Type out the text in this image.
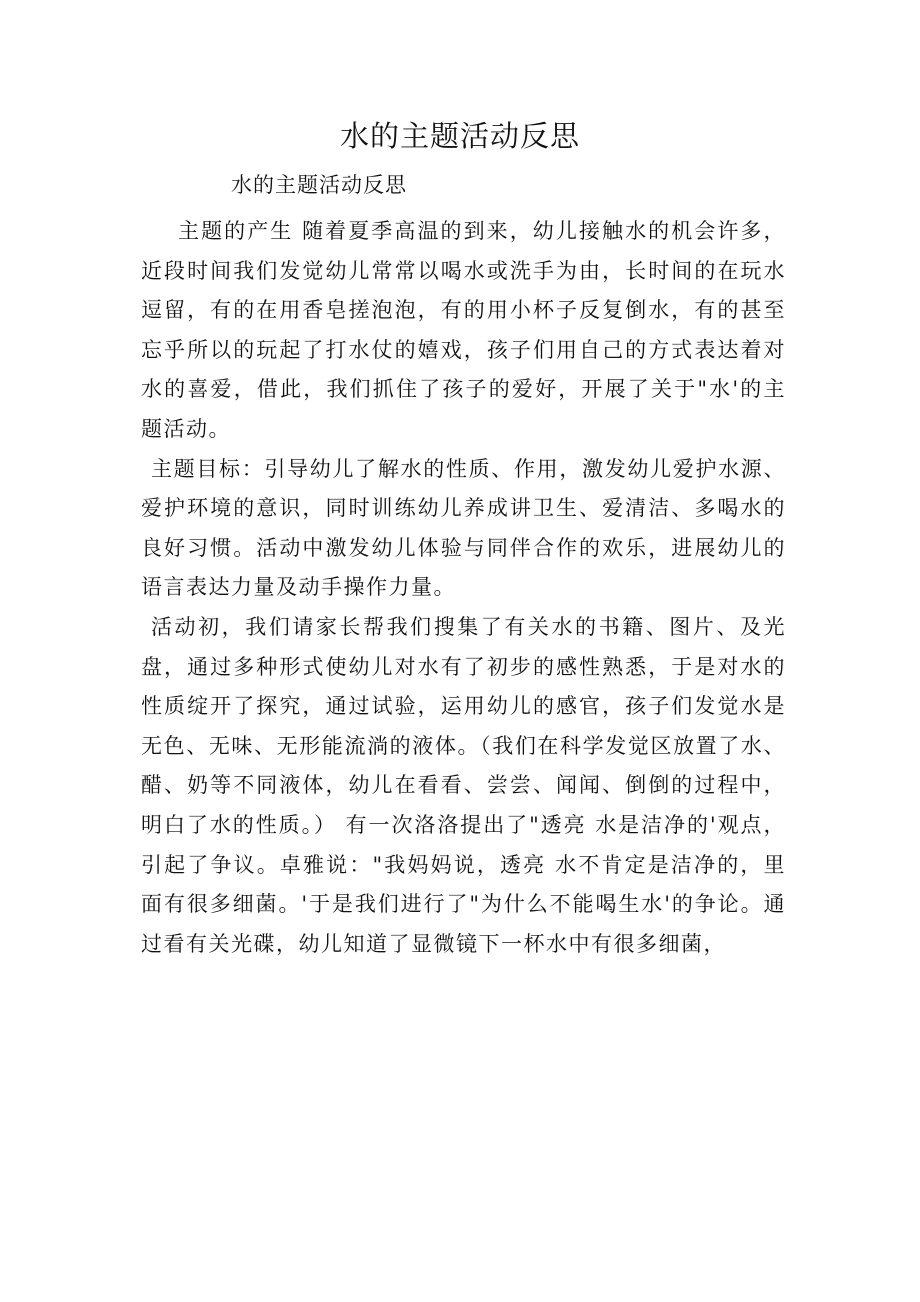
水的主题活动反思

水的主题活动反思

主题的产生 随着夏季高温的到来，幼儿接触水的机会许多，近段时间我们发觉幼儿常常以喝水或洗手为由，长时间的在玩水逗留，有的在用香皂搓泡泡，有的用小杯子反复倒水，有的甚至忘乎所以的玩起了打水仗的嬉戏，孩子们用自己的方式表达着对水的喜爱，借此，我们抓住了孩子的爱好，开展了关于"水'的主题活动。

主题目标：引导幼儿了解水的性质、作用，激发幼儿爱护水源、爱护环境的意识，同时训练幼儿养成讲卫生、爱清洁、多喝水的良好习惯。活动中激发幼儿体验与同伴合作的欢乐，进展幼儿的语言表达力量及动手操作力量。

活动初，我们请家长帮我们搜集了有关水的书籍、图片、及光盘，通过多种形式使幼儿对水有了初步的感性熟悉，于是对水的性质绽开了探究，通过试验，运用幼儿的感官，孩子们发觉水是无色、无味、无形能流淌的液体。（我们在科学发觉区放置了水、醋、奶等不同液体，幼儿在看看、尝尝、闻闻、倒倒的过程中，明白了水的性质。） 有一次洛洛提出了"透亮 水是洁净的'观点，引起了争议。卓雅说："我妈妈说，透亮 水不肯定是洁净的，里面有很多细菌。'于是我们进行了"为什么不能喝生水'的争论。通过看有关光碟，幼儿知道了显微镜下一杯水中有很多细菌，
